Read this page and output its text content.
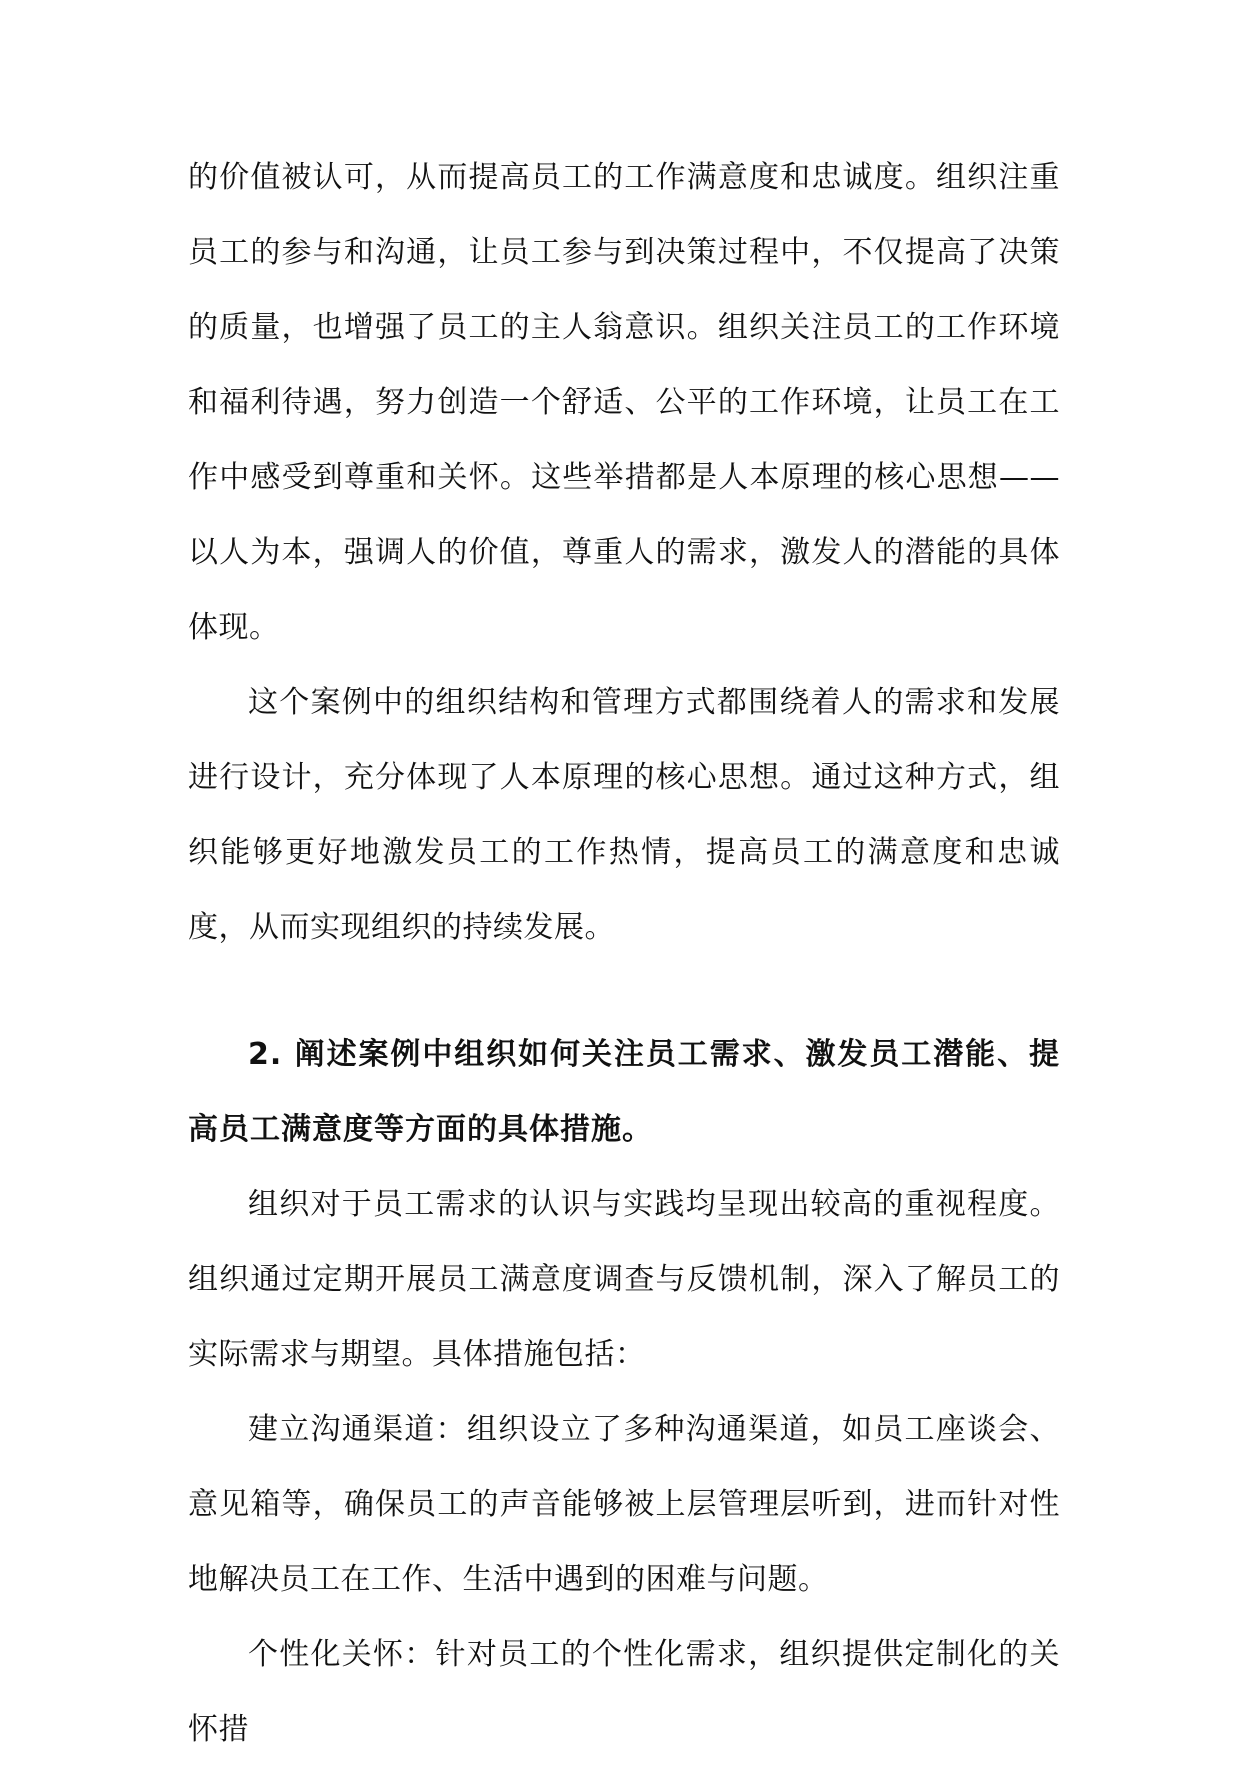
的价值被认可，从而提高员工的工作满意度和忠诚度。组织注重员工的参与和沟通，让员工参与到决策过程中，不仅提高了决策的质量，也增强了员工的主人翁意识。组织关注员工的工作环境和福利待遇，努力创造一个舒适、公平的工作环境，让员工在工作中感受到尊重和关怀。这些举措都是人本原理的核心思想——以人为本，强调人的价值，尊重人的需求，激发人的潜能的具体体现。

这个案例中的组织结构和管理方式都围绕着人的需求和发展进行设计，充分体现了人本原理的核心思想。通过这种方式，组织能够更好地激发员工的工作热情，提高员工的满意度和忠诚度，从而实现组织的持续发展。

2. 阐述案例中组织如何关注员工需求、激发员工潜能、提高员工满意度等方面的具体措施。

组织对于员工需求的认识与实践均呈现出较高的重视程度。组织通过定期开展员工满意度调查与反馈机制，深入了解员工的实际需求与期望。具体措施包括：

建立沟通渠道：组织设立了多种沟通渠道，如员工座谈会、意见箱等，确保员工的声音能够被上层管理层听到，进而针对性地解决员工在工作、生活中遇到的困难与问题。

个性化关怀：针对员工的个性化需求，组织提供定制化的关怀措
